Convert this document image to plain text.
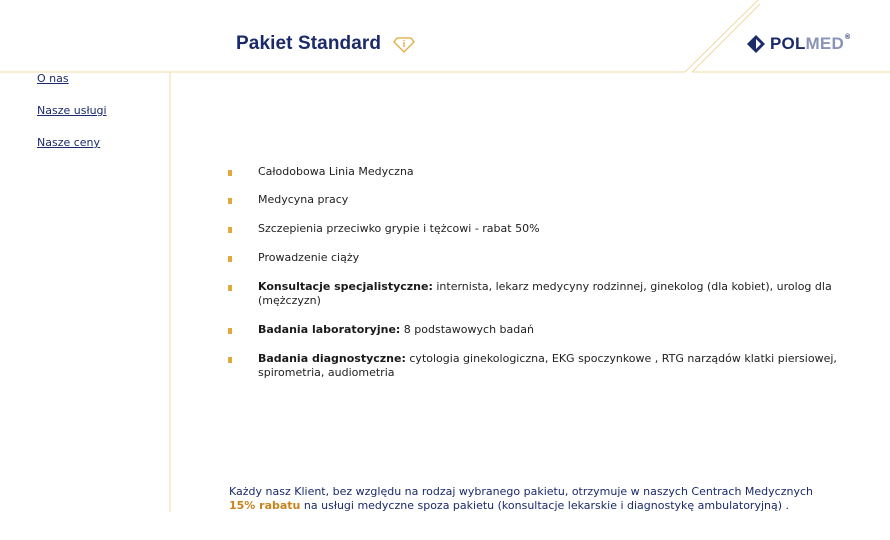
Pakiet Standard	POLMED®
O nas
Nasze usługi
Nasze ceny
Całodobowa Linia Medyczna
Medycyna pracy
Szczepienia przeciwko grypie i tężcowi - rabat 50%
Prowadzenie ciąży
Konsultacje specjalistyczne: internista, lekarz medycyny rodzinnej, ginekolog (dla kobiet), urolog dla (mężczyzn)
Badania laboratoryjne: 8 podstawowych badań
Badania diagnostyczne: cytologia ginekologiczna, EKG spoczynkowe , RTG narządów klatki piersiowej, spirometria, audiometria
Każdy nasz Klient, bez względu na rodzaj wybranego pakietu, otrzymuje w naszych Centrach Medycznych
15% rabatu na usługi medyczne spoza pakietu (konsultacje lekarskie i diagnostykę ambulatoryjną) .
